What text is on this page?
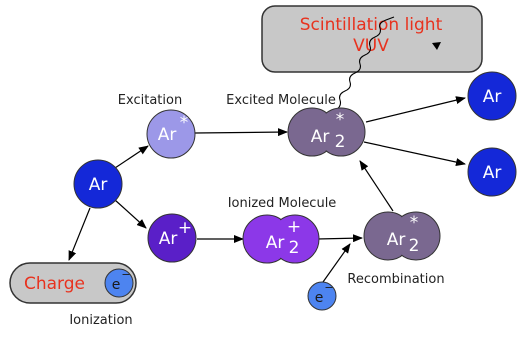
Scintillation light
VUV
Charge e
−
Excitation	Excited Molecule
Ionized Molecule
Recombination
Ionization
Ar
Ar
*
Ar
+
Ar
*
2
Ar
+
2	Ar
*
2
e
−
Ar
Ar
